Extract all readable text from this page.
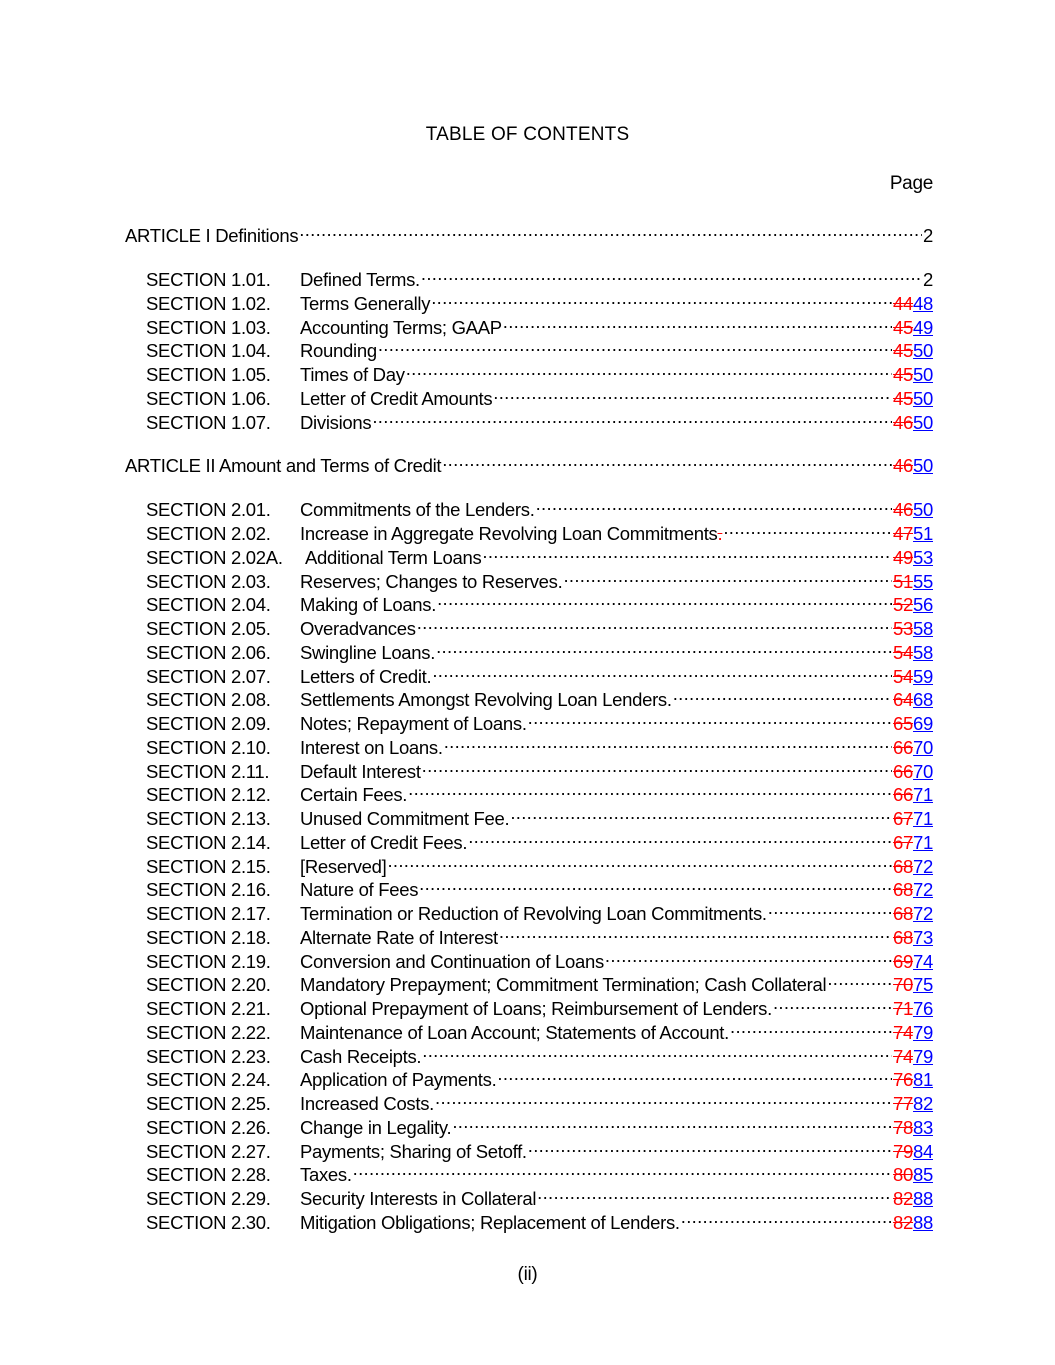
TABLE OF CONTENTS
Page
ARTICLE I Definitions .....	2
SECTION 1.01.	Defined Terms. .....	2
SECTION 1.02.	Terms Generally .....	4448
SECTION 1.03.	Accounting Terms; GAAP .....	4549
SECTION 1.04.	Rounding .....	4550
SECTION 1.05.	Times of Day .....	4550
SECTION 1.06.	Letter of Credit Amounts .....	4550
SECTION 1.07.	Divisions .....	4650
ARTICLE II Amount and Terms of Credit .....	4650
SECTION 2.01.	Commitments of the Lenders. .....	4650
SECTION 2.02.	Increase in Aggregate Revolving Loan Commitments . .....	4751
SECTION 2.02A.	Additional Term Loans .....	4953
SECTION 2.03.	Reserves; Changes to Reserves. .....	5155
SECTION 2.04.	Making of Loans. .....	5256
SECTION 2.05.	Overadvances .....	5358
SECTION 2.06.	Swingline Loans. .....	5458
SECTION 2.07.	Letters of Credit. .....	5459
SECTION 2.08.	Settlements Amongst Revolving Loan Lenders. .....	6468
SECTION 2.09.	Notes; Repayment of Loans. .....	6569
SECTION 2.10.	Interest on Loans. .....	6670
SECTION 2.11.	Default Interest .....	6670
SECTION 2.12.	Certain Fees. .....	6671
SECTION 2.13.	Unused Commitment Fee. .....	6771
SECTION 2.14.	Letter of Credit Fees. .....	6771
SECTION 2.15.	[Reserved] .....	6872
SECTION 2.16.	Nature of Fees .....	6872
SECTION 2.17.	Termination or Reduction of Revolving Loan Commitments. .....	6872
SECTION 2.18.	Alternate Rate of Interest .....	6873
SECTION 2.19.	Conversion and Continuation of Loans .....	6974
SECTION 2.20.	Mandatory Prepayment; Commitment Termination; Cash Collateral .....	7075
SECTION 2.21.	Optional Prepayment of Loans; Reimbursement of Lenders. .....	7176
SECTION 2.22.	Maintenance of Loan Account; Statements of Account. .....	7479
SECTION 2.23.	Cash Receipts. .....	7479
SECTION 2.24.	Application of Payments. .....	7681
SECTION 2.25.	Increased Costs. .....	7782
SECTION 2.26.	Change in Legality. .....	7883
SECTION 2.27.	Payments; Sharing of Setoff. .....	7984
SECTION 2.28.	Taxes. .....	8085
SECTION 2.29.	Security Interests in Collateral .....	8288
SECTION 2.30.	Mitigation Obligations; Replacement of Lenders. .....	8288
(ii)
